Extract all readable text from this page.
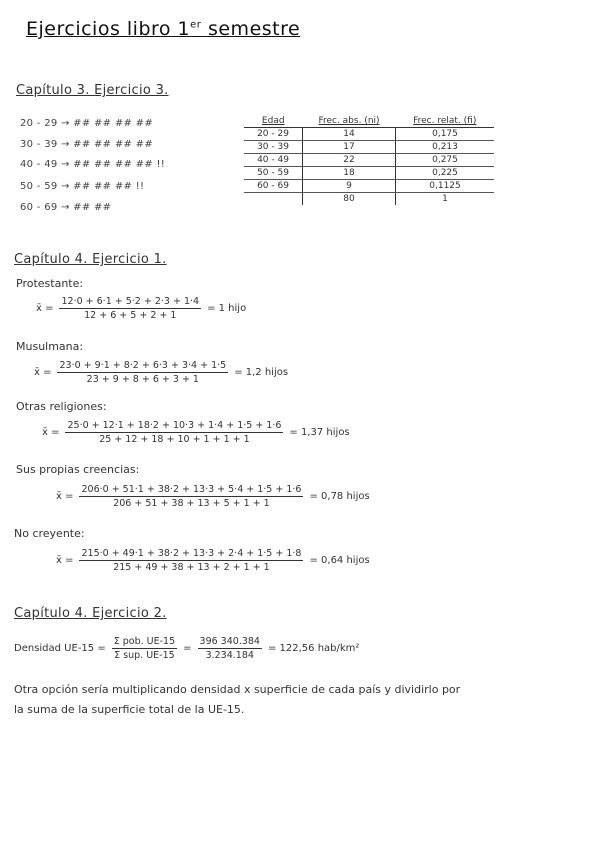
Ejercicios libro 1er semestre
Capítulo 3. Ejercicio 3.
20 - 29 → ## ## ## ##
30 - 39 → ## ## ## ##
40 - 49 → ## ## ## ## !!
50 - 59 → ## ## ## !!
60 - 69 → ## ##
Edad	Frec. abs. (ni)	Frec. relat. (fi)
20 - 29	14	0,175
30 - 39	17	0,213
40 - 49	22	0,275
50 - 59	18	0,225
60 - 69	9	0,1125
	80	1
Capítulo 4. Ejercicio 1.
Protestante:
x̄ = $\frac{12\cdot 0 + 6\cdot 1 + 5\cdot 2 + 2\cdot 3 + 1\cdot 4}{12 + 6 + 5 + 2 + 1} = 1$ hijo
Musulmana:
x̄ = $\frac{23\cdot 0 + 9\cdot 1 + 8\cdot 2 + 6\cdot 3 + 3\cdot 4 + 1\cdot 5}{23 + 9 + 8 + 6 + 3 + 1} = 1,2$ hijos
Otras religiones:
x̄ = $\frac{25\cdot 0 + 12\cdot 1 + 18\cdot 2 + 10\cdot 3 + 1\cdot 4 + 1\cdot 5 + 1\cdot 6}{25 + 12 + 18 + 10 + 1 + 1 + 1} = 1,37$ hijos
Sus propias creencias:
x̄ = $\frac{206\cdot 0 + 51\cdot 1 + 38\cdot 2 + 13\cdot 3 + 5\cdot 4 + 1\cdot 5 + 1\cdot 6}{206 + 51 + 38 + 13 + 5 + 1 + 1} = 0,78$ hijos
No creyente:
x̄ = $\frac{215\cdot 0 + 49\cdot 1 + 38\cdot 2 + 13\cdot 3 + 2\cdot 4 + 1\cdot 5 + 1\cdot 8}{215 + 49 + 38 + 13 + 2 + 1 + 1} = 0,64$ hijos
Capítulo 4. Ejercicio 2.
Densidad $UE-15 = \frac{\text{Σ pob. UE-15}}{\text{Σ sup. UE-15}} = \frac{396 340.384}{3.234.184} = 122,56$ hab/km²
Otra opción sería multiplicando densidad x superficie de cada país y dividirlo por
la suma de la superficie total de la UE-15.
